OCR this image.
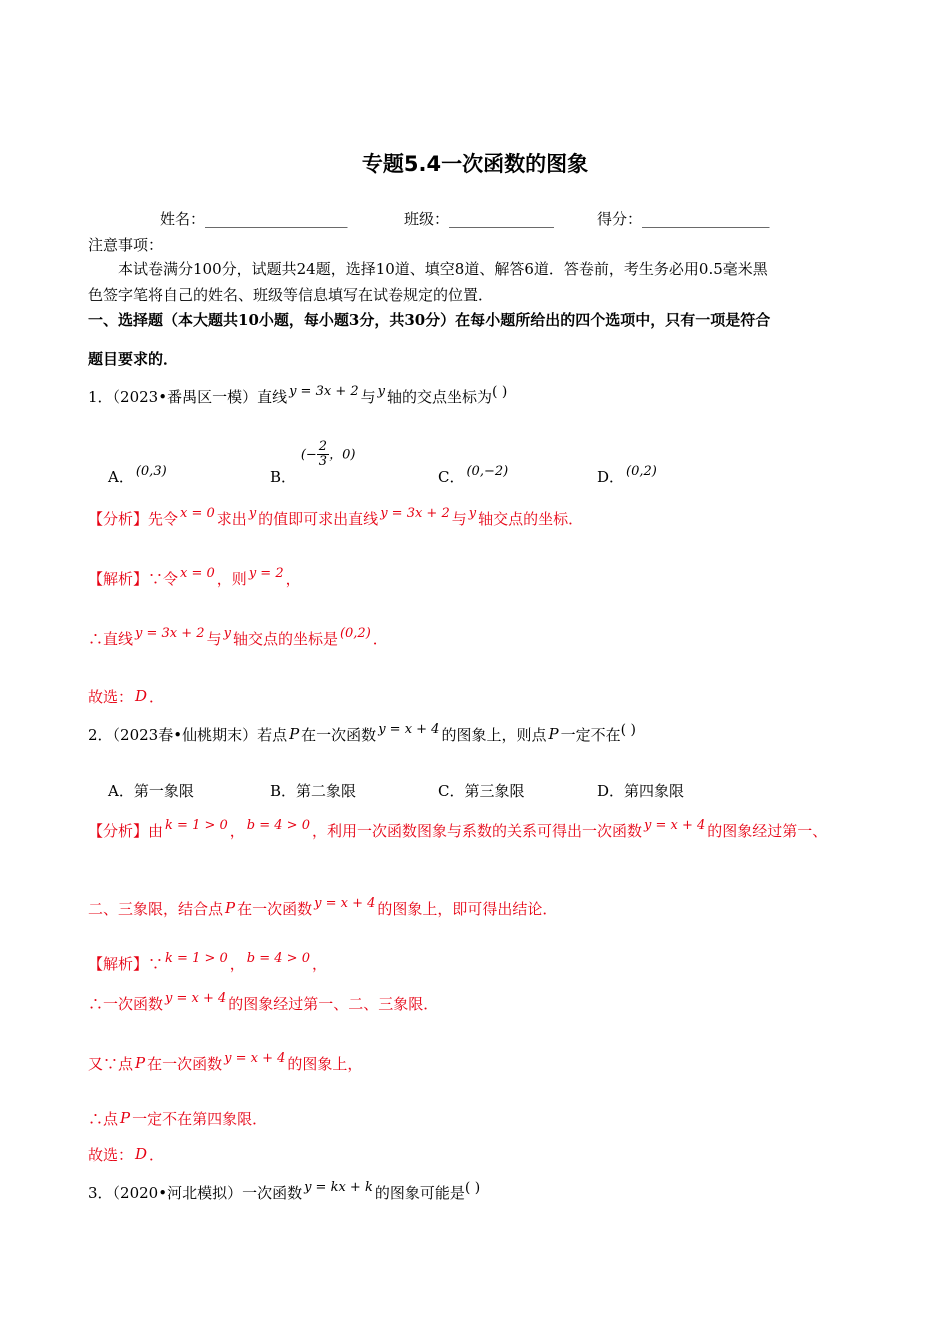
专题5.4一次函数的图象
姓名：___________________	班级：______________	得分：_________________
注意事项：
本试卷满分100分，试题共24题，选择10道、填空8道、解答6道．答卷前，考生务必用0.5毫米黑
色签字笔将自己的姓名、班级等信息填写在试卷规定的位置．
一、选择题（本大题共10小题，每小题3分，共30分）在每小题所给出的四个选项中，只有一项是符合
题目要求的．
1．（2023•番禺区一模）直线 y = 3x + 2 与 y 轴的交点坐标为( )
A． (0,3)	B． (− $\frac{2}{3}$ ，0)
C． (0,−2)	D． (0,2)
【分析】先令 x = 0 求出 y 的值即可求出直线 y = 3x + 2 与 y 轴交点的坐标．
【解析】∵令 x = 0 ，则 y = 2 ，
∴直线 y = 3x + 2 与 y 轴交点的坐标是 (0,2) ．
故选： D ．
2．（2023春•仙桃期末）若点 P 在一次函数 y = x + 4 的图象上，则点 P 一定不在( )
A．第一象限	B．第二象限	C．第三象限	D．第四象限
【分析】由 k = 1 > 0 ， b = 4 > 0 ，利用一次函数图象与系数的关系可得出一次函数 y = x + 4 的图象经过第一、
二、三象限，结合点 P 在一次函数 y = x + 4 的图象上，即可得出结论．
【解析】∵ k = 1 > 0 ， b = 4 > 0 ，
∴一次函数 y = x + 4 的图象经过第一、二、三象限．
又∵点 P 在一次函数 y = x + 4 的图象上，
∴点 P 一定不在第四象限．
故选： D ．
3．（2020•河北模拟）一次函数 y = kx + k 的图象可能是( )
